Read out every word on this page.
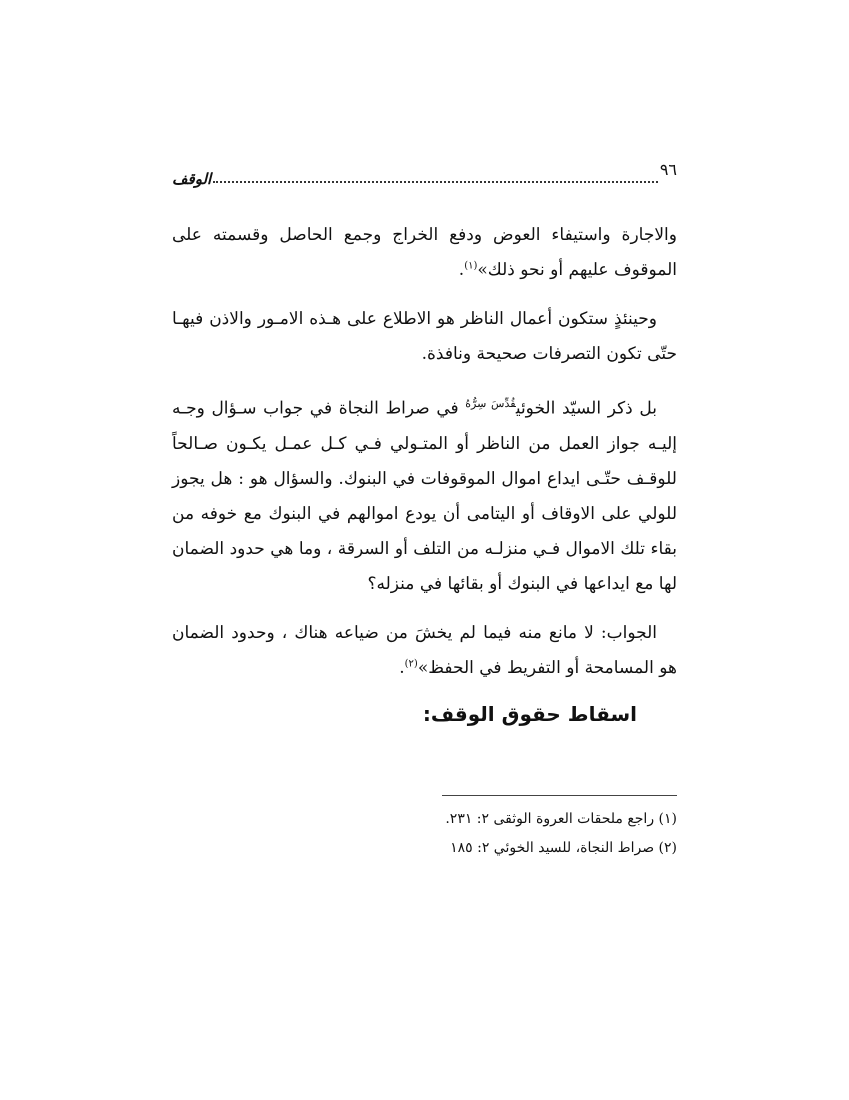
٩٦
الوقف

والاجارة واستيفاء العوض ودفع الخراج وجمع الحاصل وقسمته على الموقوف عليهم أو نحو ذلك»$^{(١)}$.

وحينئذٍ ستكون أعمال الناظر هو الاطلاع على هـذه الامـور والاذن فيهـا حتّى تكون التصرفات صحيحة ونافذة.

بل ذكر السيّد الخوئي$^{قُدِّسَ سِرُّهُ}$ في صراط النجاة في جواب سـؤال وجـه إليـه جواز العمل من الناظر أو المتـولي فـي كـل عمـل يكـون صـالحاً للوقـف حتّـى ايداع اموال الموقوفات في البنوك. والسؤال هو : هل يجوز للولي على الاوقاف أو اليتامى أن يودع اموالهم في البنوك مع خوفه من بقاء تلك الاموال فـي منزلـه من التلف أو السرقة ، وما هي حدود الضمان لها مع ايداعها في البنوك أو بقائها في منزله؟

الجواب: لا مانع منه فيما لم يخشَ من ضياعه هناك ، وحدود الضمان هو المسامحة أو التفريط في الحفظ»$^{(٢)}$.

اسقاط حقوق الوقف:

(١) راجع ملحقات العروة الوثقى ٢: ٢٣١.

(٢) صراط النجاة، للسيد الخوئي ٢: ١٨٥
